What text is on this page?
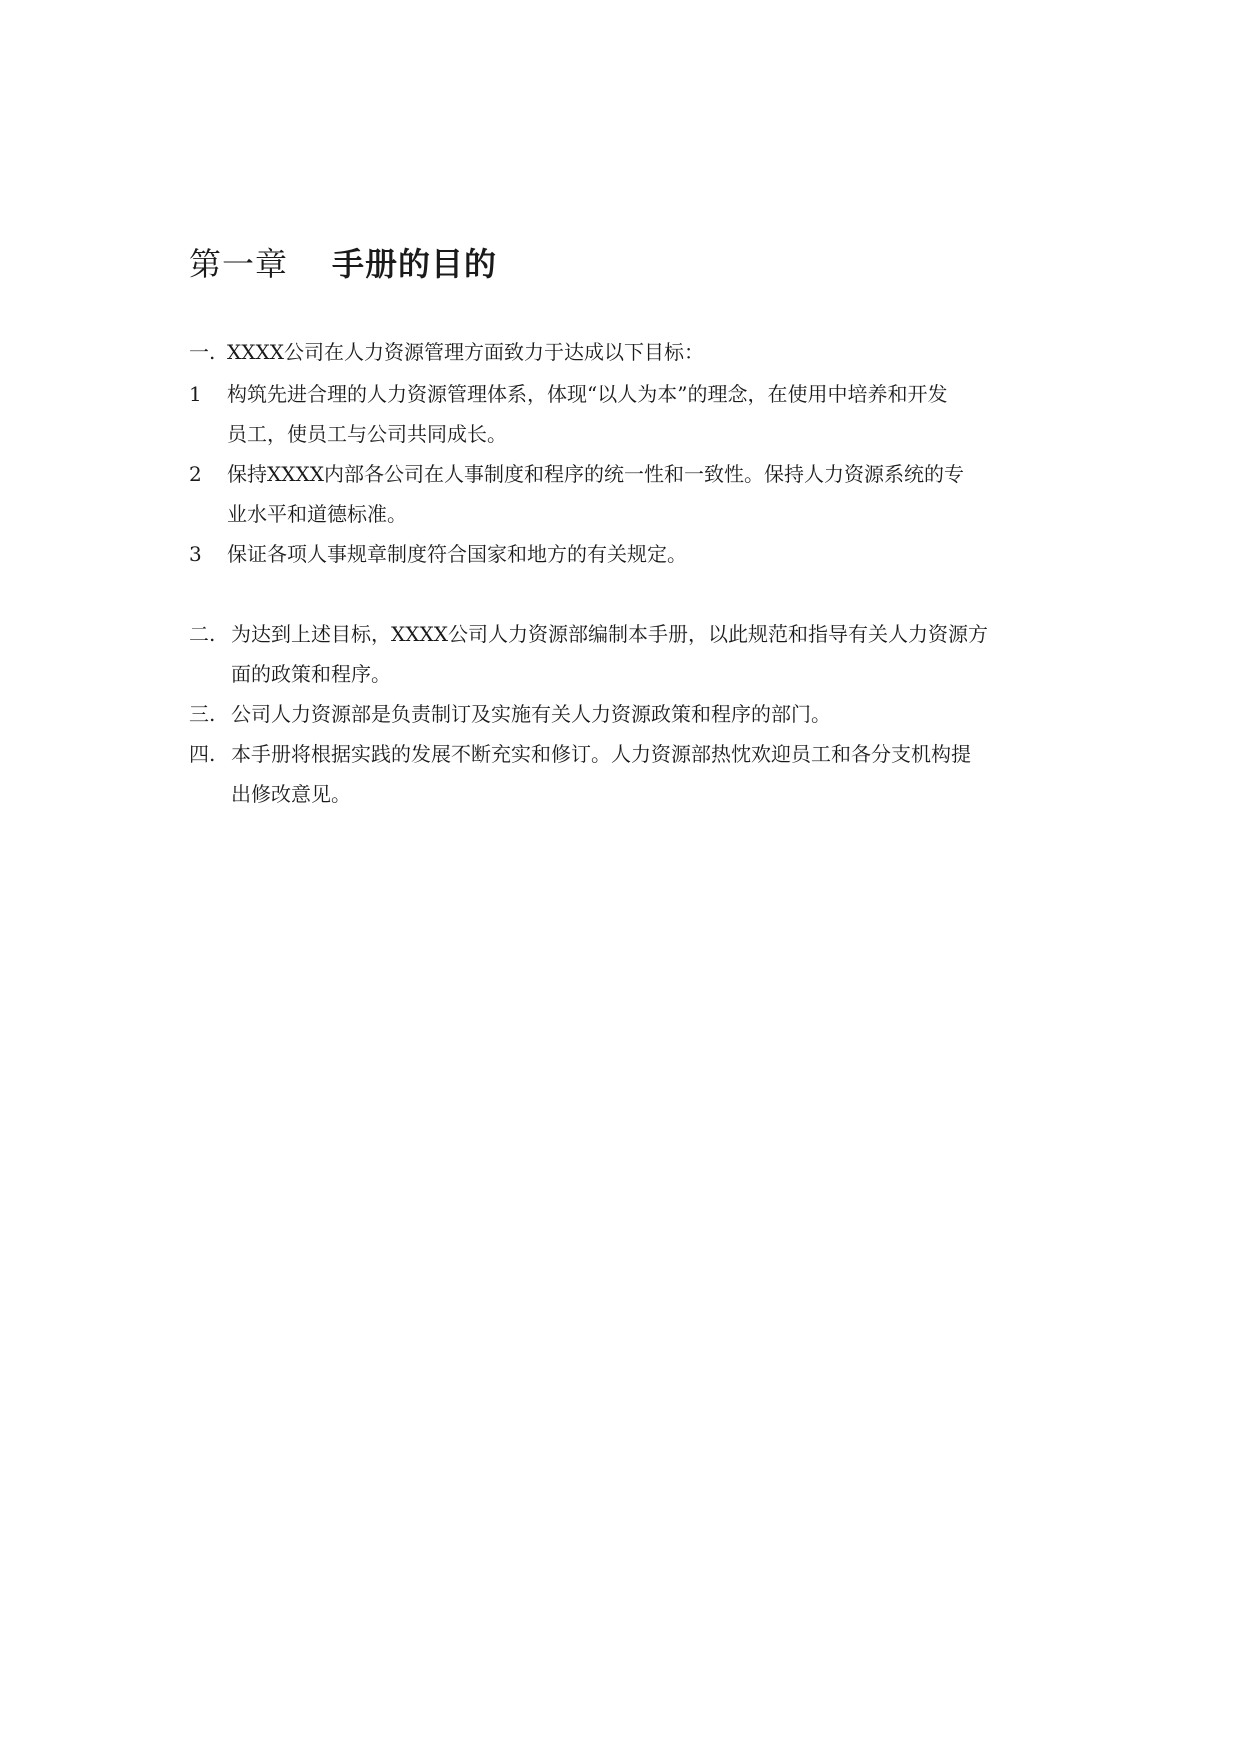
第一章 手册的目的
一. XXXX公司在人力资源管理方面致力于达成以下目标：
1 构筑先进合理的人力资源管理体系，体现“以人为本”的理念，在使用中培养和开发
员工，使员工与公司共同成长。
2 保持XXXX内部各公司在人事制度和程序的统一性和一致性。保持人力资源系统的专
业水平和道德标准。
3 保证各项人事规章制度符合国家和地方的有关规定。
二. 为达到上述目标，XXXX公司人力资源部编制本手册，以此规范和指导有关人力资源方
面的政策和程序。
三. 公司人力资源部是负责制订及实施有关人力资源政策和程序的部门。
四. 本手册将根据实践的发展不断充实和修订。人力资源部热忱欢迎员工和各分支机构提
出修改意见。
